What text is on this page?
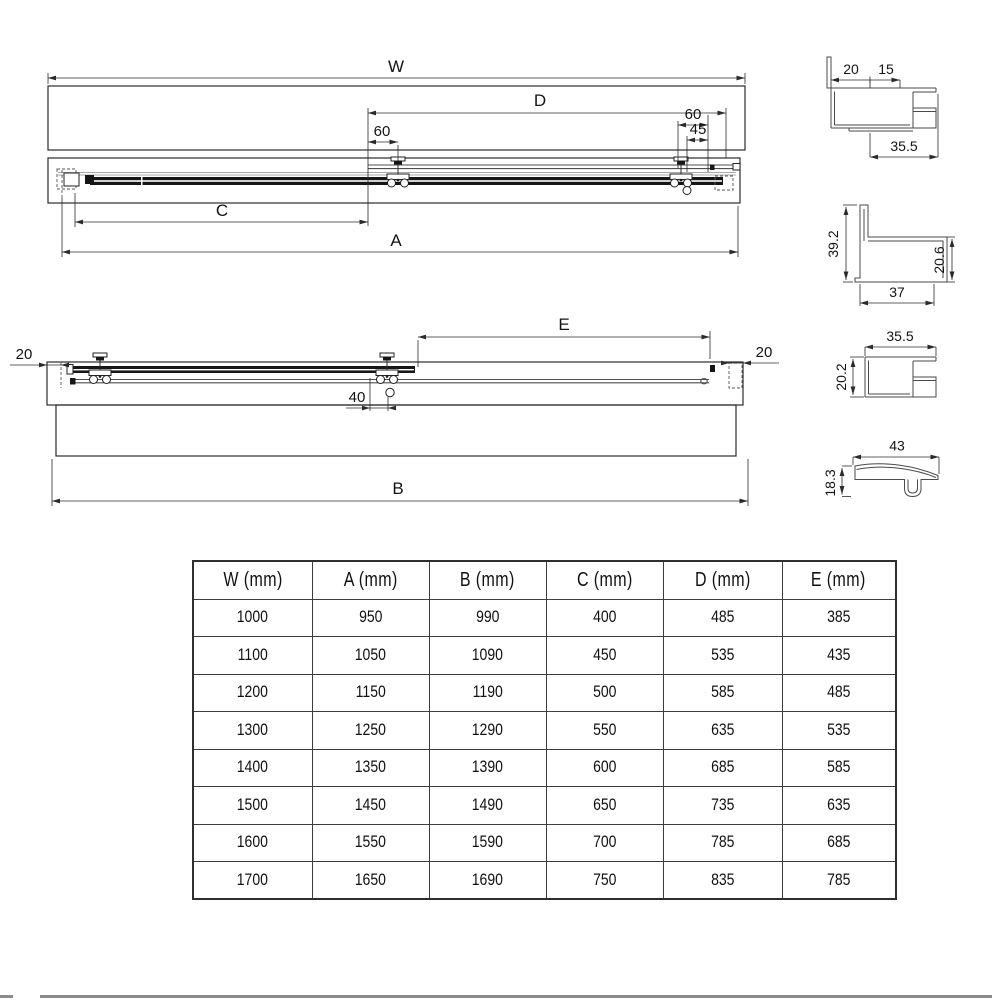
W
D
60
60
45
C
A
E
20	20
40
B
20 15
35.5
39.2
20.6
37
35.5
20.2
43
18.3
W (mm)	A (mm)	B (mm)	C (mm)	D (mm)	E (mm)
1000	950	990	400	485	385
1100	1050	1090	450	535	435
1200	1150	1190	500	585	485
1300	1250	1290	550	635	535
1400	1350	1390	600	685	585
1500	1450	1490	650	735	635
1600	1550	1590	700	785	685
1700	1650	1690	750	835	785
